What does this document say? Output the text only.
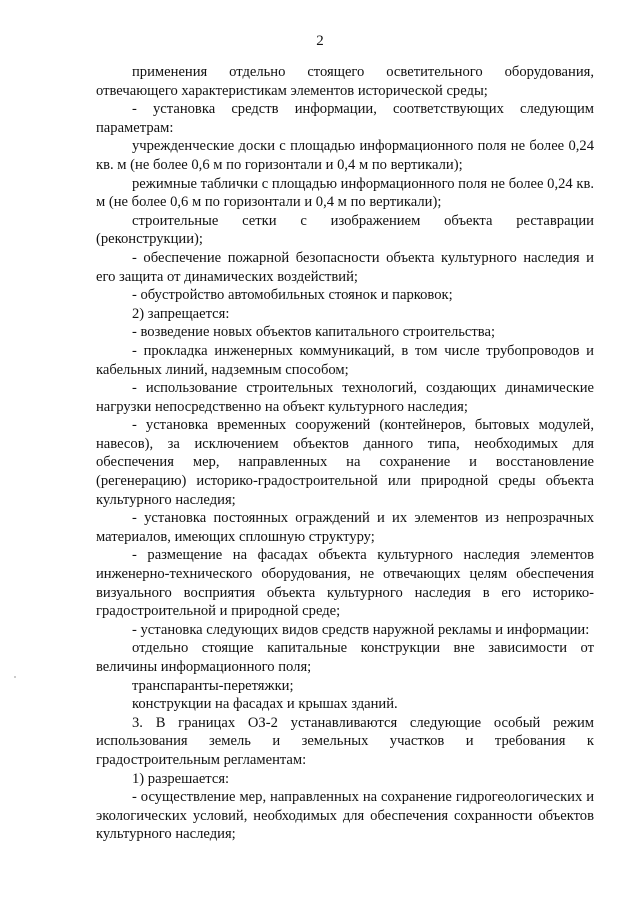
2

применения отдельно стоящего осветительного оборудования, отвечающего характеристикам элементов исторической среды;

- установка средств информации, соответствующих следующим параметрам:

учрежденческие доски с площадью информационного поля не более 0,24 кв. м (не более 0,6 м по горизонтали и 0,4 м по вертикали);

режимные таблички с площадью информационного поля не более 0,24 кв. м (не более 0,6 м по горизонтали и 0,4 м по вертикали);

строительные сетки с изображением объекта реставрации (реконструкции);

- обеспечение пожарной безопасности объекта культурного наследия и его защита от динамических воздействий;

- обустройство автомобильных стоянок и парковок;

2) запрещается:

- возведение новых объектов капитального строительства;

- прокладка инженерных коммуникаций, в том числе трубопроводов и кабельных линий, надземным способом;

- использование строительных технологий, создающих динамические нагрузки непосредственно на объект культурного наследия;

- установка временных сооружений (контейнеров, бытовых модулей, навесов), за исключением объектов данного типа, необходимых для обеспечения мер, направленных на сохранение и восстановление (регенерацию) историко-градостроительной или природной среды объекта культурного наследия;

- установка постоянных ограждений и их элементов из непрозрачных материалов, имеющих сплошную структуру;

- размещение на фасадах объекта культурного наследия элементов инженерно-технического оборудования, не отвечающих целям обеспечения визуального восприятия объекта культурного наследия в его историко-градостроительной и природной среде;

- установка следующих видов средств наружной рекламы и информации:

отдельно стоящие капитальные конструкции вне зависимости от величины информационного поля;

транспаранты-перетяжки;

конструкции на фасадах и крышах зданий.

3. В границах ОЗ-2 устанавливаются следующие особый режим использования земель и земельных участков и требования к градостроительным регламентам:

1) разрешается:

- осуществление мер, направленных на сохранение гидрогеологических и экологических условий, необходимых для обеспечения сохранности объектов культурного наследия;
